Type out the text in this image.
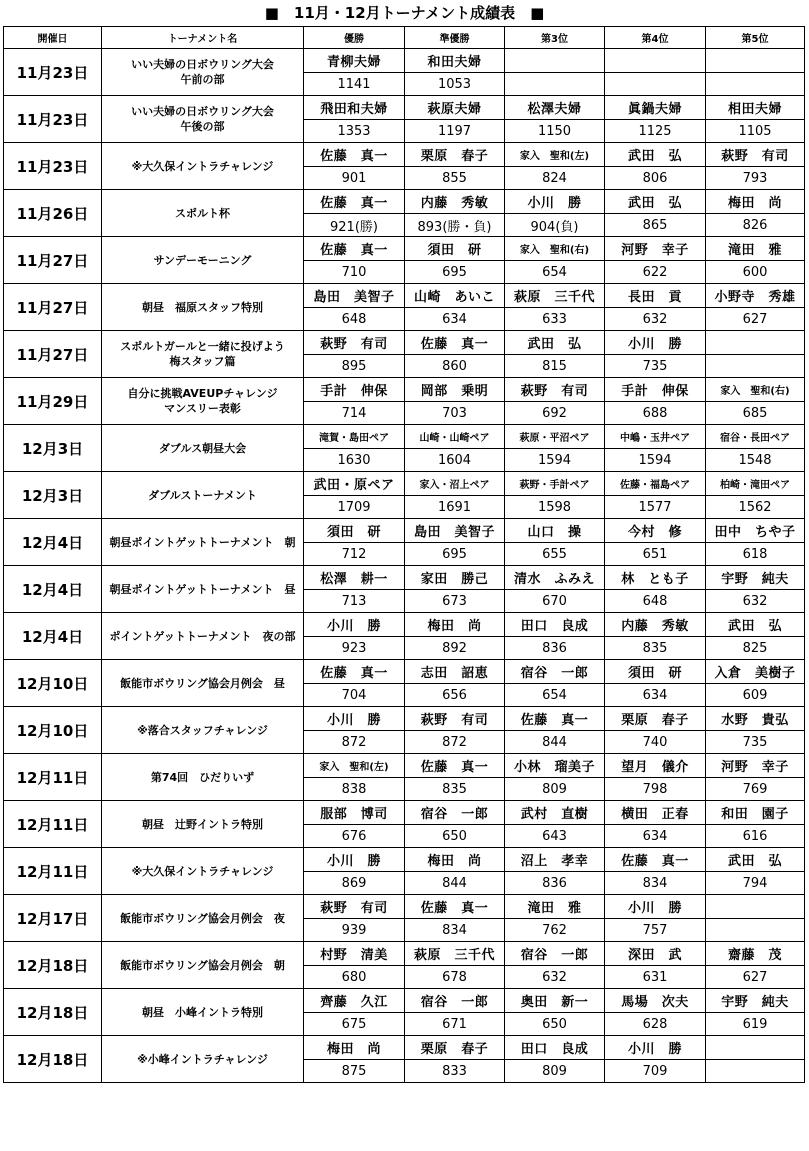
■　11月・12月トーナメント成績表　■
開催日	トーナメント名	優勝	準優勝	第3位	第4位	第5位
11月23日	いい夫婦の日ボウリング大会
午前の部	青柳夫婦	和田夫婦			
		1141	1053			
11月23日	いい夫婦の日ボウリング大会
午後の部	飛田和夫婦	萩原夫婦	松澤夫婦	眞鍋夫婦	相田夫婦
		1353	1197	1150	1125	1105
11月23日	※大久保イントラチャレンジ	佐藤　真一	栗原　春子	家入　聖和(左)	武田　弘	萩野　有司
		901	855	824	806	793
11月26日	スポルト杯	佐藤　真一	内藤　秀敏	小川　勝	武田　弘	梅田　尚
		921(勝)	893(勝・負)	904(負)	865	826
11月27日	サンデーモーニング	佐藤　真一	須田　研	家入　聖和(右)	河野　幸子	滝田　雅
		710	695	654	622	600
11月27日	朝昼　福原スタッフ特別	島田　美智子	山崎　あいこ	萩原　三千代	長田　貢	小野寺　秀雄
		648	634	633	632	627
11月27日	スポルトガールと一緒に投げよう
梅スタッフ篇	萩野　有司	佐藤　真一	武田　弘	小川　勝	
		895	860	815	735	
11月29日	自分に挑戦AVEUPチャレンジ
マンスリー表彰	手計　伸保	岡部　乗明	萩野　有司	手計　伸保	家入　聖和(右)
		714	703	692	688	685
12月3日	ダブルス朝昼大会	滝賀・島田ペア	山崎・山崎ペア	萩原・平沼ペア	中嶋・玉井ペア	宿谷・長田ペア
		1630	1604	1594	1594	1548
12月3日	ダブルストーナメント	武田・原ペア	家入・沼上ペア	萩野・手計ペア	佐藤・福島ペア	柏崎・滝田ペア
		1709	1691	1598	1577	1562
12月4日	朝昼ポイントゲットトーナメント　朝	須田　研	島田　美智子	山口　操	今村　修	田中　ちや子
		712	695	655	651	618
12月4日	朝昼ポイントゲットトーナメント　昼	松澤　耕一	家田　勝己	清水　ふみえ	林　とも子	宇野　純夫
		713	673	670	648	632
12月4日	ポイントゲットトーナメント　夜の部	小川　勝	梅田　尚	田口　良成	内藤　秀敏	武田　弘
		923	892	836	835	825
12月10日	飯能市ボウリング協会月例会　昼	佐藤　真一	志田　詔恵	宿谷　一郎	須田　研	入倉　美樹子
		704	656	654	634	609
12月10日	※落合スタッフチャレンジ	小川　勝	萩野　有司	佐藤　真一	栗原　春子	水野　貴弘
		872	872	844	740	735
12月11日	第74回　ひだりいず	家入　聖和(左)	佐藤　真一	小林　瑠美子	望月　儀介	河野　幸子
		838	835	809	798	769
12月11日	朝昼　辻野イントラ特別	服部　博司	宿谷　一郎	武村　直樹	横田　正春	和田　園子
		676	650	643	634	616
12月11日	※大久保イントラチャレンジ	小川　勝	梅田　尚	沼上　孝幸	佐藤　真一	武田　弘
		869	844	836	834	794
12月17日	飯能市ボウリング協会月例会　夜	萩野　有司	佐藤　真一	滝田　雅	小川　勝	
		939	834	762	757	
12月18日	飯能市ボウリング協会月例会　朝	村野　清美	萩原　三千代	宿谷　一郎	深田　武	齋藤　茂
		680	678	632	631	627
12月18日	朝昼　小峰イントラ特別	齊藤　久江	宿谷　一郎	奥田　新一	馬場　次夫	宇野　純夫
		675	671	650	628	619
12月18日	※小峰イントラチャレンジ	梅田　尚	栗原　春子	田口　良成	小川　勝	
		875	833	809	709	
